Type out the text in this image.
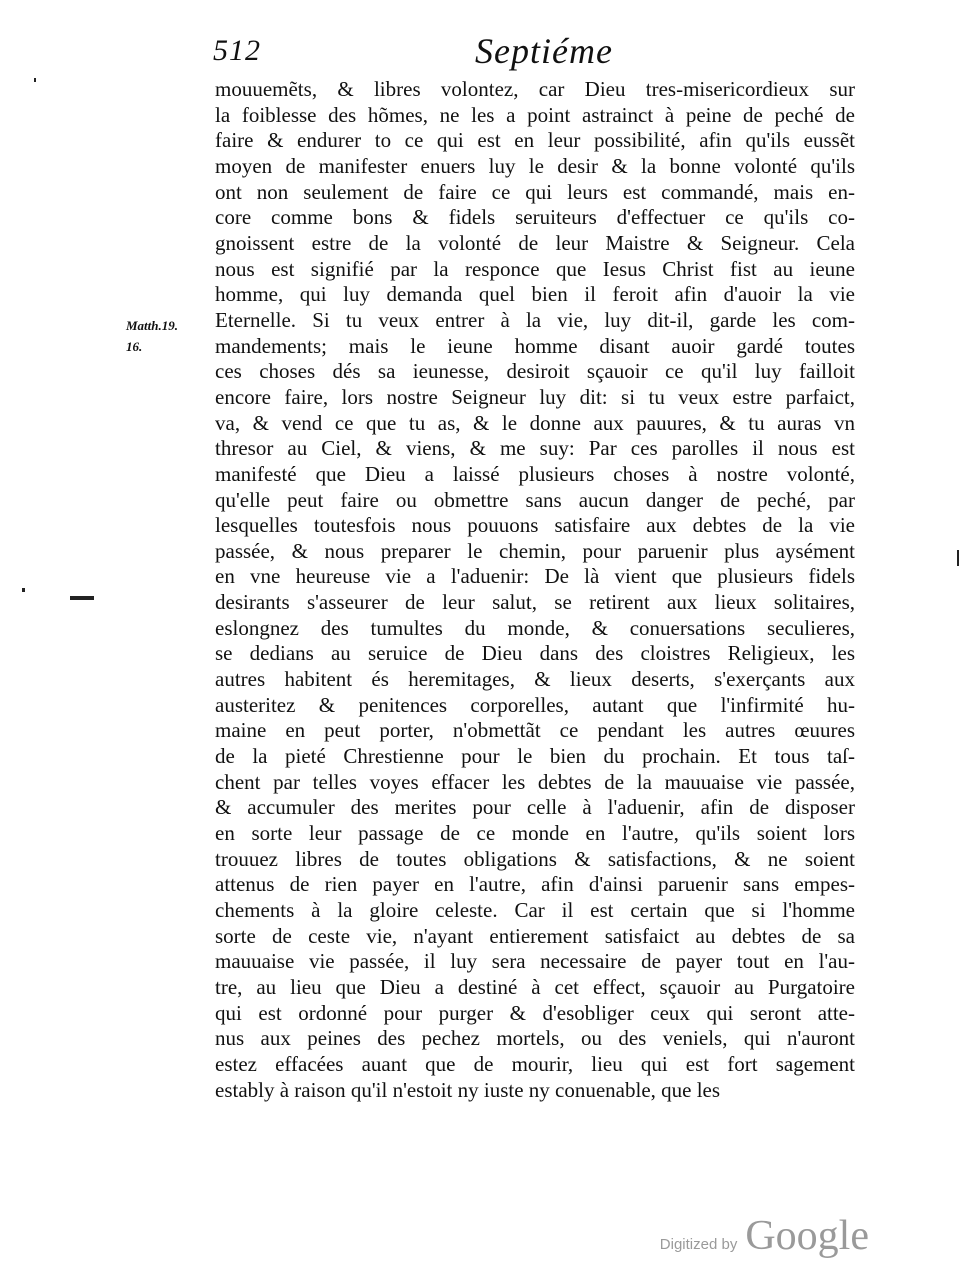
512	Septiéme
Matth.19.
16.
mouuemẽts, & libres volontez, car Dieu tres-misericordieux sur
la foiblesse des hõmes, ne les a point astrainct à peine de peché de
faire & endurer to ce qui est en leur possibilité, afin qu'ils eussẽt
moyen de manifester enuers luy le desir & la bonne volonté qu'ils
ont non seulement de faire ce qui leurs est commandé, mais en-
core comme bons & fidels seruiteurs d'effectuer ce qu'ils co-
gnoissent estre de la volonté de leur Maistre & Seigneur. Cela
nous est signifié par la responce que Iesus Christ fist au ieune
homme, qui luy demanda quel bien il feroit afin d'auoir la vie
Eternelle. Si tu veux entrer à la vie, luy dit-il, garde les com-
mandements; mais le ieune homme disant auoir gardé toutes
ces choses dés sa ieunesse, desiroit sçauoir ce qu'il luy failloit
encore faire, lors nostre Seigneur luy dit: si tu veux estre parfaict,
va, & vend ce que tu as, & le donne aux pauures, & tu auras vn
thresor au Ciel, & viens, & me suy: Par ces parolles il nous est
manifesté que Dieu a laissé plusieurs choses à nostre volonté,
qu'elle peut faire ou obmettre sans aucun danger de peché, par
lesquelles toutesfois nous pouuons satisfaire aux debtes de la vie
passée, & nous preparer le chemin, pour paruenir plus aysément
en vne heureuse vie a l'aduenir: De là vient que plusieurs fidels
desirants s'asseurer de leur salut, se retirent aux lieux solitaires,
eslongnez des tumultes du monde, & conuersations seculieres,
se dedians au seruice de Dieu dans des cloistres Religieux, les
autres habitent és heremitages, & lieux deserts, s'exerçants aux
austeritez & penitences corporelles, autant que l'infirmité hu-
maine en peut porter, n'obmettãt ce pendant les autres œuures
de la pieté Chrestienne pour le bien du prochain. Et tous taſ-
chent par telles voyes effacer les debtes de la mauuaise vie passée,
& accumuler des merites pour celle à l'aduenir, afin de disposer
en sorte leur passage de ce monde en l'autre, qu'ils soient lors
trouuez libres de toutes obligations & satisfactions, & ne soient
attenus de rien payer en l'autre, afin d'ainsi paruenir sans empes-
chements à la gloire celeste. Car il est certain que si l'homme
sorte de ceste vie, n'ayant entierement satisfaict au debtes de sa
mauuaise vie passée, il luy sera necessaire de payer tout en l'au-
tre, au lieu que Dieu a destiné à cet effect, sçauoir au Purgatoire
qui est ordonné pour purger & d'esobliger ceux qui seront atte-
nus aux peines des pechez mortels, ou des veniels, qui n'auront
estez effacées auant que de mourir, lieu qui est fort sagement
estably à raison qu'il n'estoit ny iuste ny conuenable, que les
Digitized by Google
